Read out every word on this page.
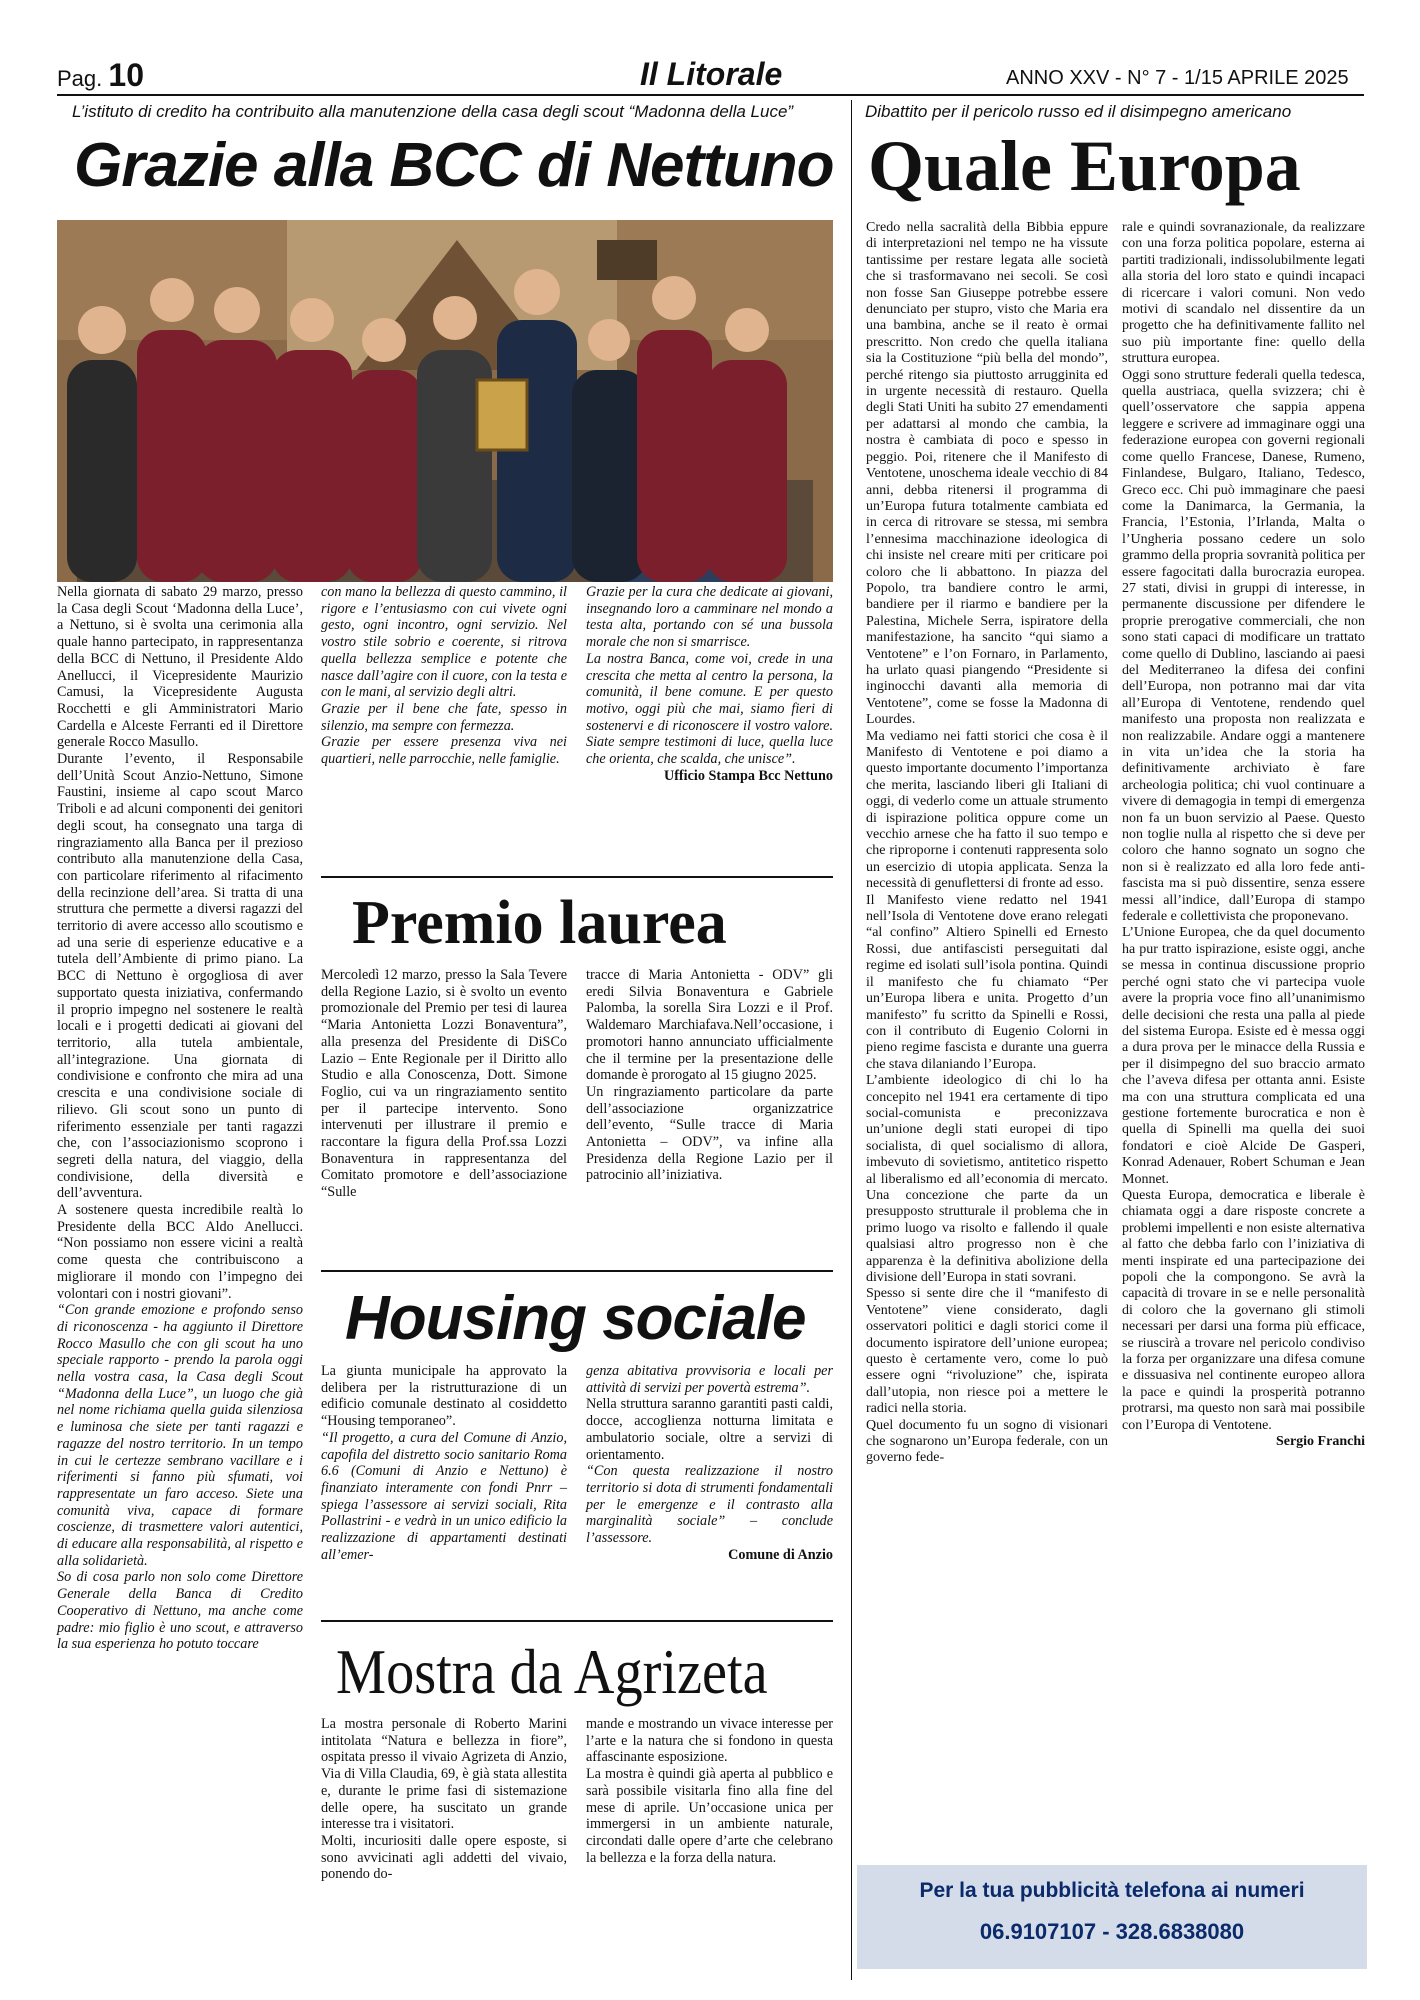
Pag. 10	Il Litorale	ANNO XXV - N° 7 - 1/15 APRILE 2025
L’istituto di credito ha contribuito alla manutenzione della casa degli scout “Madonna della Luce”
Grazie alla BCC di Nettuno

Nella giornata di sabato 29 marzo, presso la Casa degli Scout ‘Madonna della Luce’, a Nettuno, si è svolta una cerimonia alla quale hanno partecipato, in rappresentanza della BCC di Nettuno, il Presidente Aldo Anellucci, il Vicepresidente Maurizio Camusi, la Vicepresidente Augusta Rocchetti e gli Amministratori Mario Cardella e Alceste Ferranti ed il Direttore generale Rocco Masullo.

Durante l’evento, il Responsabile dell’Unità Scout Anzio-Nettuno, Simone Faustini, insieme al capo scout Marco Triboli e ad alcuni componenti dei genitori degli scout, ha consegnato una targa di ringraziamento alla Banca per il prezioso contributo alla manutenzione della Casa, con particolare riferimento al rifacimento della recinzione dell’area. Si tratta di una struttura che permette a diversi ragazzi del territorio di avere accesso allo scoutismo e ad una serie di esperienze educative e a tutela dell’Ambiente di primo piano. La BCC di Nettuno è orgogliosa di aver supportato questa iniziativa, confermando il proprio impegno nel sostenere le realtà locali e i progetti dedicati ai giovani del territorio, alla tutela ambientale, all’integrazione. Una giornata di condivisione e confronto che mira ad una crescita e una condivisione sociale di rilievo. Gli scout sono un punto di riferimento essenziale per tanti ragazzi che, con l’associazionismo scoprono i segreti della natura, del viaggio, della condivisione, della diversità e dell’avventura.

A sostenere questa incredibile realtà lo Presidente della BCC Aldo Anellucci. “Non possiamo non essere vicini a realtà come questa che contribuiscono a migliorare il mondo con l’impegno dei volontari con i nostri giovani”.

“Con grande emozione e profondo senso di riconoscenza - ha aggiunto il Direttore Rocco Masullo che con gli scout ha uno speciale rapporto - prendo la parola oggi nella vostra casa, la Casa degli Scout “Madonna della Luce”, un luogo che già nel nome richiama quella guida silenziosa e luminosa che siete per tanti ragazzi e ragazze del nostro territorio. In un tempo in cui le certezze sembrano vacillare e i riferimenti si fanno più sfumati, voi rappresentate un faro acceso. Siete una comunità viva, capace di formare coscienze, di trasmettere valori autentici, di educare alla responsabilità, al rispetto e alla solidarietà.

So di cosa parlo non solo come Direttore Generale della Banca di Credito Cooperativo di Nettuno, ma anche come padre: mio figlio è uno scout, e attraverso la sua esperienza ho potuto toccare

con mano la bellezza di questo cammino, il rigore e l’entusiasmo con cui vivete ogni gesto, ogni incontro, ogni servizio. Nel vostro stile sobrio e coerente, si ritrova quella bellezza semplice e potente che nasce dall’agire con il cuore, con la testa e con le mani, al servizio degli altri.

Grazie per il bene che fate, spesso in silenzio, ma sempre con fermezza.

Grazie per essere presenza viva nei quartieri, nelle parrocchie, nelle famiglie.

Grazie per la cura che dedicate ai giovani, insegnando loro a camminare nel mondo a testa alta, portando con sé una bussola morale che non si smarrisce.

La nostra Banca, come voi, crede in una crescita che metta al centro la persona, la comunità, il bene comune. E per questo motivo, oggi più che mai, siamo fieri di sostenervi e di riconoscere il vostro valore. Siate sempre testimoni di luce, quella luce che orienta, che scalda, che unisce”.

Ufficio Stampa Bcc Nettuno

Premio laurea

Mercoledì 12 marzo, presso la Sala Tevere della Regione Lazio, si è svolto un evento promozionale del Premio per tesi di laurea “Maria Antonietta Lozzi Bonaventura”, alla presenza del Presidente di DiSCo Lazio – Ente Regionale per il Diritto allo Studio e alla Conoscenza, Dott. Simone Foglio, cui va un ringraziamento sentito per il partecipe intervento. Sono intervenuti per illustrare il premio e raccontare la figura della Prof.ssa Lozzi Bonaventura in rappresentanza del Comitato promotore e dell’associazione “Sulle

tracce di Maria Antonietta - ODV” gli eredi Silvia Bonaventura e Gabriele Palomba, la sorella Sira Lozzi e il Prof. Waldemaro Marchiafava.Nell’occasione, i promotori hanno annunciato ufficialmente che il termine per la presentazione delle domande è prorogato al 15 giugno 2025.

Un ringraziamento particolare da parte dell’associazione organizzatrice dell’evento, “Sulle tracce di Maria Antonietta – ODV”, va infine alla Presidenza della Regione Lazio per il patrocinio all’iniziativa.

Housing sociale

La giunta municipale ha approvato la delibera per la ristrutturazione di un edificio comunale destinato al cosiddetto “Housing temporaneo”.

“Il progetto, a cura del Comune di Anzio, capofila del distretto socio sanitario Roma 6.6 (Comuni di Anzio e Nettuno) è finanziato interamente con fondi Pnrr – spiega l’assessore ai servizi sociali, Rita Pollastrini - e vedrà in un unico edificio la realizzazione di appartamenti destinati all’emer-

genza abitativa provvisoria e locali per attività di servizi per povertà estrema”.

Nella struttura saranno garantiti pasti caldi, docce, accoglienza notturna limitata e ambulatorio sociale, oltre a servizi di orientamento.

“Con questa realizzazione il nostro territorio si dota di strumenti fondamentali per le emergenze e il contrasto alla marginalità sociale” – conclude l’assessore.

Comune di Anzio

Mostra da Agrizeta

La mostra personale di Roberto Marini intitolata “Natura e bellezza in fiore”, ospitata presso il vivaio Agrizeta di Anzio, Via di Villa Claudia, 69, è già stata allestita e, durante le prime fasi di sistemazione delle opere, ha suscitato un grande interesse tra i visitatori.

Molti, incuriositi dalle opere esposte, si sono avvicinati agli addetti del vivaio, ponendo do-

mande e mostrando un vivace interesse per l’arte e la natura che si fondono in questa affascinante esposizione.

La mostra è quindi già aperta al pubblico e sarà possibile visitarla fino alla fine del mese di aprile. Un’occasione unica per immergersi in un ambiente naturale, circondati dalle opere d’arte che celebrano la bellezza e la forza della natura.

Dibattito per il pericolo russo ed il disimpegno americano
Quale Europa

Credo nella sacralità della Bibbia eppure di interpretazioni nel tempo ne ha vissute tantissime per restare legata alle società che si trasformavano nei secoli. Se così non fosse San Giuseppe potrebbe essere denunciato per stupro, visto che Maria era una bambina, anche se il reato è ormai prescritto. Non credo che quella italiana sia la Costituzione “più bella del mondo”, perché ritengo sia piuttosto arrugginita ed in urgente necessità di restauro. Quella degli Stati Uniti ha subito 27 emendamenti per adattarsi al mondo che cambia, la nostra è cambiata di poco e spesso in peggio. Poi, ritenere che il Manifesto di Ventotene, unoschema ideale vecchio di 84 anni, debba ritenersi il programma di un’Europa futura totalmente cambiata ed in cerca di ritrovare se stessa, mi sembra l’ennesima macchinazione ideologica di chi insiste nel creare miti per criticare poi coloro che li abbattono. In piazza del Popolo, tra bandiere contro le armi, bandiere per il riarmo e bandiere per la Palestina, Michele Serra, ispiratore della manifestazione, ha sancito “qui siamo a Ventotene” e l’on Fornaro, in Parlamento, ha urlato quasi piangendo “Presidente si inginocchi davanti alla memoria di Ventotene”, come se fosse la Madonna di Lourdes.

Ma vediamo nei fatti storici che cosa è il Manifesto di Ventotene e poi diamo a questo importante documento l’importanza che merita, lasciando liberi gli Italiani di oggi, di vederlo come un attuale strumento di ispirazione politica oppure come un vecchio arnese che ha fatto il suo tempo e che riproporne i contenuti rappresenta solo un esercizio di utopia applicata. Senza la necessità di genuflettersi di fronte ad esso.

Il Manifesto viene redatto nel 1941 nell’Isola di Ventotene dove erano relegati “al confino” Altiero Spinelli ed Ernesto Rossi, due antifascisti perseguitati dal regime ed isolati sull’isola pontina. Quindi il manifesto che fu chiamato “Per un’Europa libera e unita. Progetto d’un manifesto” fu scritto da Spinelli e Rossi, con il contributo di Eugenio Colorni in pieno regime fascista e durante una guerra che stava dilaniando l’Europa.

L’ambiente ideologico di chi lo ha concepito nel 1941 era certamente di tipo social-comunista e preconizzava un’unione degli stati europei di tipo socialista, di quel socialismo di allora, imbevuto di sovietismo, antitetico rispetto al liberalismo ed all’economia di mercato. Una concezione che parte da un presupposto strutturale il problema che in primo luogo va risolto e fallendo il quale qualsiasi altro progresso non è che apparenza è la definitiva abolizione della divisione dell’Europa in stati sovrani.

Spesso si sente dire che il “manifesto di Ventotene” viene considerato, dagli osservatori politici e dagli storici come il documento ispiratore dell’unione europea; questo è certamente vero, come lo può essere ogni “rivoluzione” che, ispirata dall’utopia, non riesce poi a mettere le radici nella storia.

Quel documento fu un sogno di visionari che sognarono un’Europa federale, con un governo fede-

rale e quindi sovranazionale, da realizzare con una forza politica popolare, esterna ai partiti tradizionali, indissolubilmente legati alla storia del loro stato e quindi incapaci di ricercare i valori comuni. Non vedo motivi di scandalo nel dissentire da un progetto che ha definitivamente fallito nel suo più importante fine: quello della struttura europea.

Oggi sono strutture federali quella tedesca, quella austriaca, quella svizzera; chi è quell’osservatore che sappia appena leggere e scrivere ad immaginare oggi una federazione europea con governi regionali come quello Francese, Danese, Rumeno, Finlandese, Bulgaro, Italiano, Tedesco, Greco ecc. Chi può immaginare che paesi come la Danimarca, la Germania, la Francia, l’Estonia, l’Irlanda, Malta o l’Ungheria possano cedere un solo grammo della propria sovranità politica per essere fagocitati dalla burocrazia europea. 27 stati, divisi in gruppi di interesse, in permanente discussione per difendere le proprie prerogative commerciali, che non sono stati capaci di modificare un trattato come quello di Dublino, lasciando ai paesi del Mediterraneo la difesa dei confini dell’Europa, non potranno mai dar vita all’Europa di Ventotene, rendendo quel manifesto una proposta non realizzata e non realizzabile. Andare oggi a mantenere in vita un’idea che la storia ha definitivamente archiviato è fare archeologia politica; chi vuol continuare a vivere di demagogia in tempi di emergenza non fa un buon servizio al Paese. Questo non toglie nulla al rispetto che si deve per coloro che hanno sognato un sogno che non si è realizzato ed alla loro fede anti-fascista ma si può dissentire, senza essere messi all’indice, dall’Europa di stampo federale e collettivista che proponevano.

L’Unione Europea, che da quel documento ha pur tratto ispirazione, esiste oggi, anche se messa in continua discussione proprio perché ogni stato che vi partecipa vuole avere la propria voce fino all’unanimismo delle decisioni che resta una palla al piede del sistema Europa. Esiste ed è messa oggi a dura prova per le minacce della Russia e per il disimpegno del suo braccio armato che l’aveva difesa per ottanta anni. Esiste ma con una struttura complicata ed una gestione fortemente burocratica e non è quella di Spinelli ma quella dei suoi fondatori e cioè Alcide De Gasperi, Konrad Adenauer, Robert Schuman e Jean Monnet.

Questa Europa, democratica e liberale è chiamata oggi a dare risposte concrete a problemi impellenti e non esiste alternativa al fatto che debba farlo con l’iniziativa di menti inspirate ed una partecipazione dei popoli che la compongono. Se avrà la capacità di trovare in se e nelle personalità di coloro che la governano gli stimoli necessari per darsi una forma più efficace, se riuscirà a trovare nel pericolo condiviso la forza per organizzare una difesa comune e dissuasiva nel continente europeo allora la pace e quindi la prosperità potranno protrarsi, ma questo non sarà mai possibile con l’Europa di Ventotene.

Sergio Franchi

Per la tua pubblicità telefona ai numeri
06.9107107 - 328.6838080
